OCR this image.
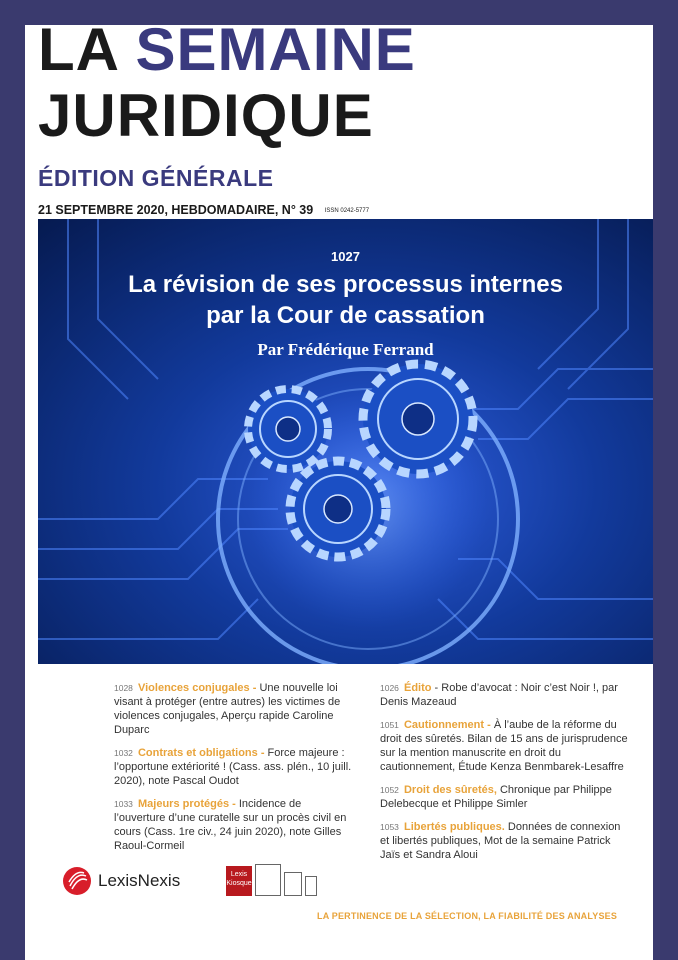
LA SEMAINE
JURIDIQUE
ÉDITION GÉNÉRALE
21 SEPTEMBRE 2020, HEBDOMADAIRE, N° 39 ISSN 0242-5777
1027
La révision de ses processus internes
par la Cour de cassation
Par Frédérique Ferrand
1028 Violences conjugales - Une nouvelle loi visant à protéger (entre autres) les victimes de violences conjugales, Aperçu rapide Caroline Duparc
1032 Contrats et obligations - Force majeure : l’opportune extériorité ! (Cass. ass. plén., 10 juill. 2020), note Pascal Oudot
1033 Majeurs protégés - Incidence de l’ouverture d’une curatelle sur un procès civil en cours (Cass. 1re civ., 24 juin 2020), note Gilles Raoul-Cormeil
1026 Édito - Robe d’avocat : Noir c’est Noir !, par Denis Mazeaud
1051 Cautionnement - À l’aube de la réforme du droit des sûretés. Bilan de 15 ans de jurisprudence sur la mention manuscrite en droit du cautionnement, Étude Kenza Benmbarek-Lesaffre
1052 Droit des sûretés, Chronique par Philippe Delebecque et Philippe Simler
1053 Libertés publiques. Données de connexion et libertés publiques, Mot de la semaine Patrick Jaïs et Sandra Aloui
LexisNexis	Lexis Kiosque
LA PERTINENCE DE LA SÉLECTION, LA FIABILITÉ DES ANALYSES
